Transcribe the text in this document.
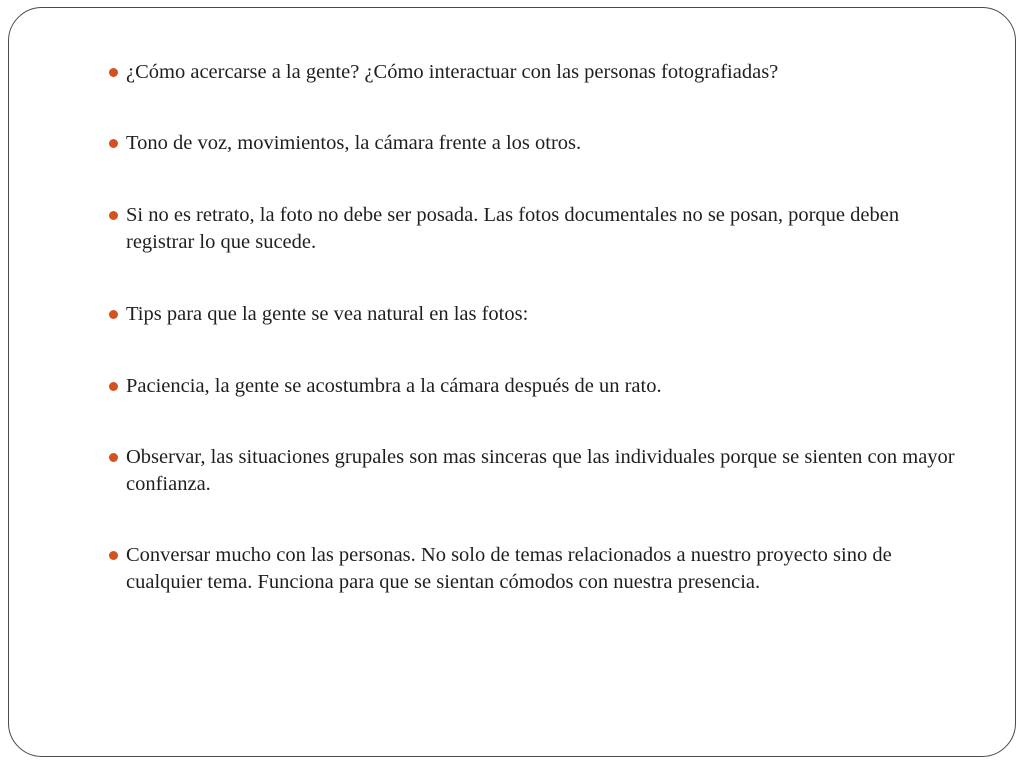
¿Cómo acercarse a la gente? ¿Cómo interactuar con las personas fotografiadas?
Tono de voz, movimientos, la cámara frente a los otros.
Si no es retrato, la foto no debe ser posada. Las fotos documentales no se posan, porque deben registrar lo que sucede.
Tips para que la gente se vea natural en las fotos:
Paciencia, la gente se acostumbra a la cámara después de un rato.
Observar, las situaciones grupales son mas sinceras que las individuales porque se sienten con mayor confianza.
Conversar mucho con las personas. No solo de temas relacionados a nuestro proyecto sino de cualquier tema. Funciona para que se sientan cómodos con nuestra presencia.
